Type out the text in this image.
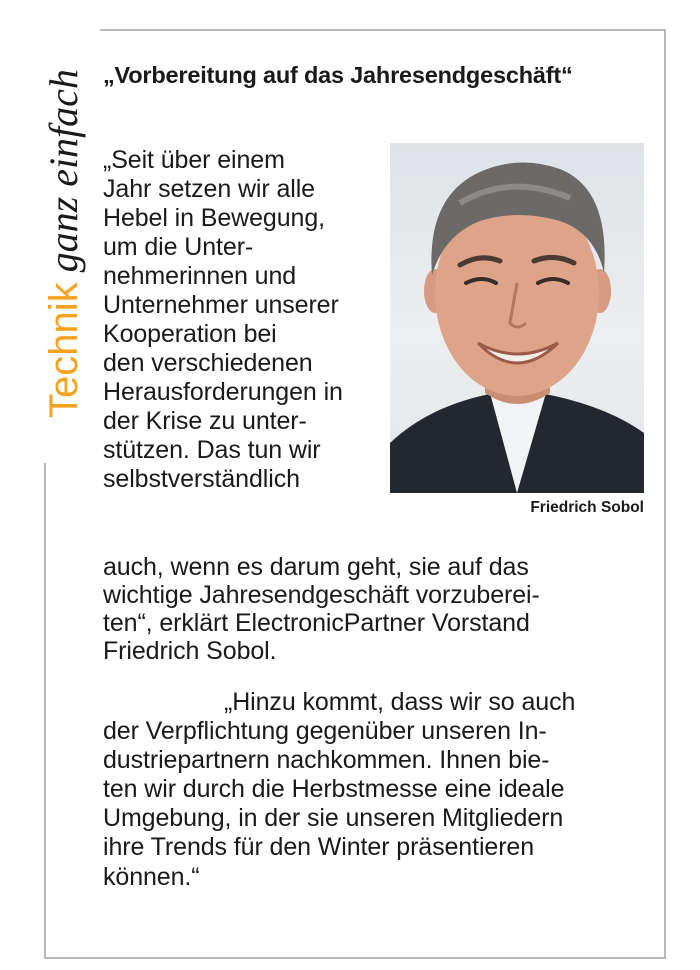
Technikganz einfach „Vorbereitung auf das Jahresendgeschäft“
Friedrich Sobol
„Seit über einem
Jahr setzen wir alle
Hebel in Bewegung,
um die Unter-
nehmerinnen und
Unternehmer unserer
Kooperation bei
den verschiedenen
Herausforderungen in
der Krise zu unter-
stützen. Das tun wir
selbstverständlich
auch, wenn es darum geht, sie auf das
wichtige Jahresendgeschäft vorzuberei-
ten“, erklärt ElectronicPartner Vorstand
Friedrich Sobol.
„Hinzu kommt, dass wir so auch
der Verpflichtung gegenüber unseren In-
dustriepartnern nachkommen. Ihnen bie-
ten wir durch die Herbstmesse eine ideale
Umgebung, in der sie unseren Mitgliedern
ihre Trends für den Winter präsentieren
können.“
